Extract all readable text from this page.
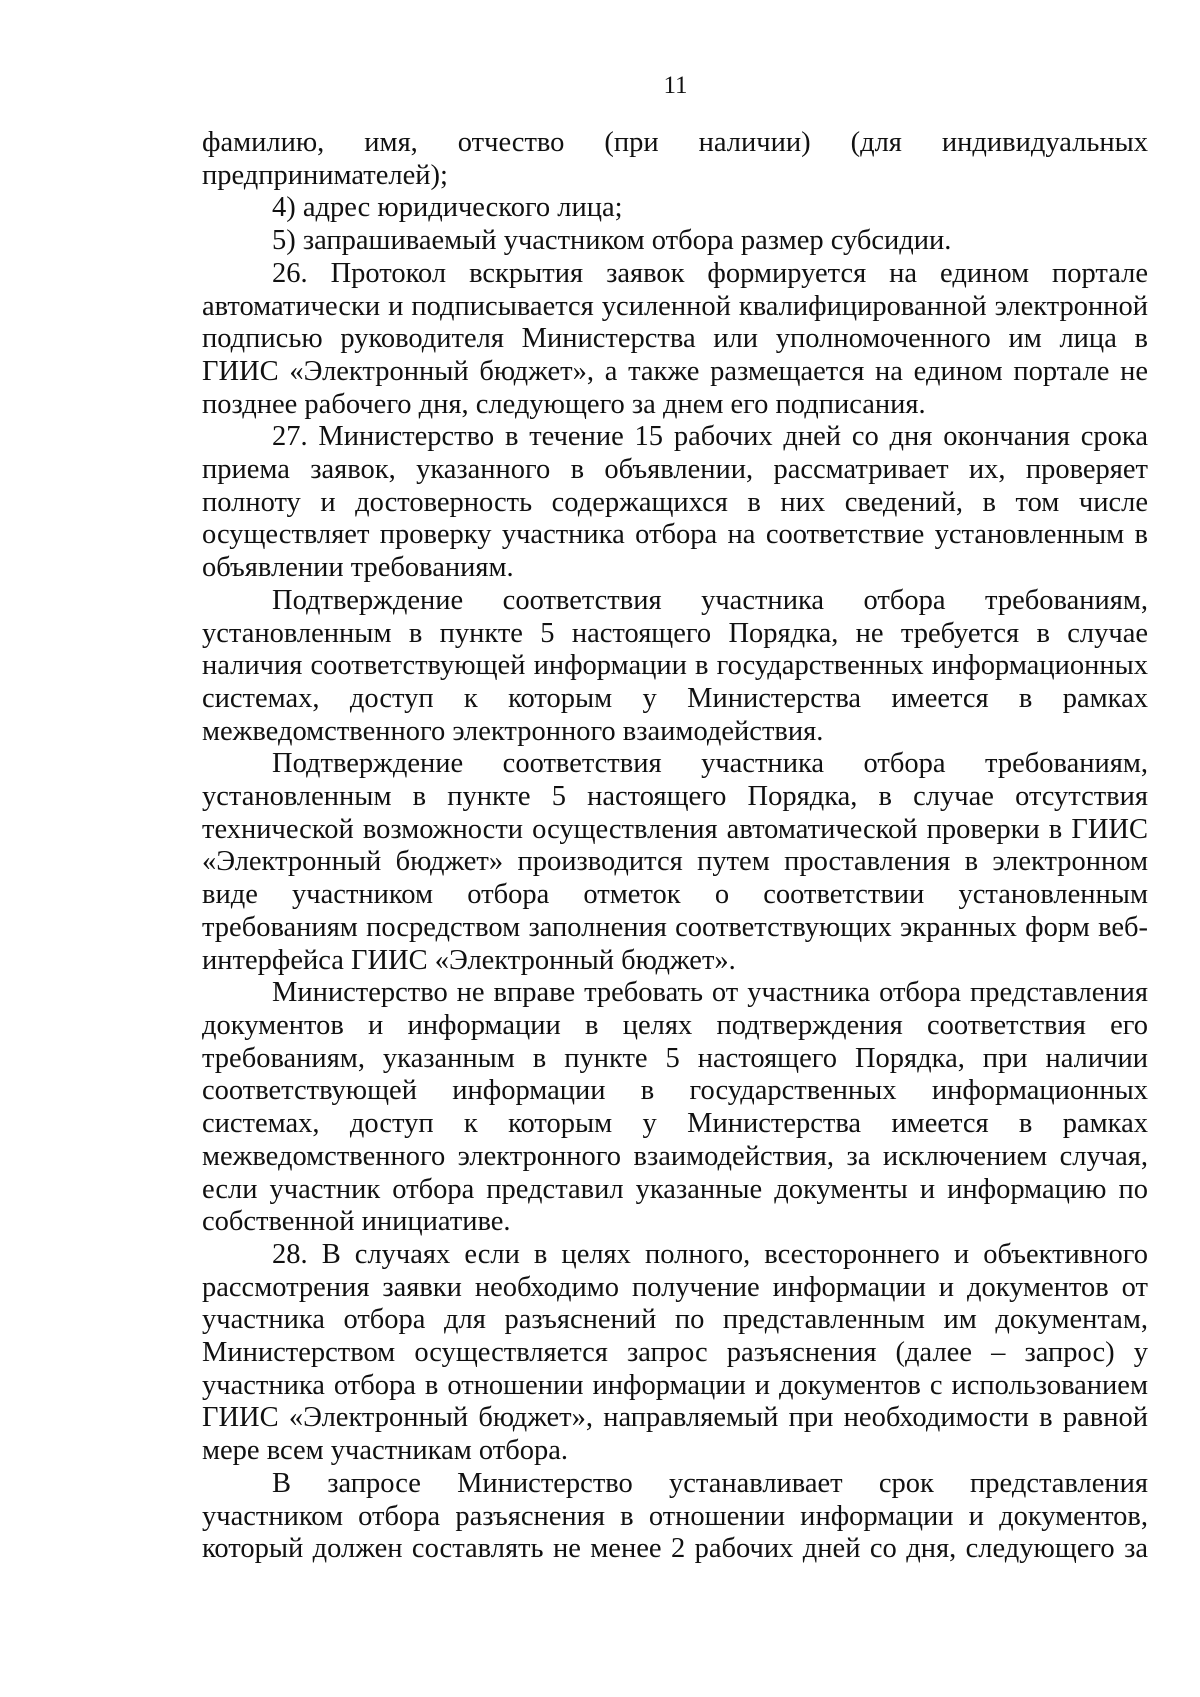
11

фамилию, имя, отчество (при наличии) (для индивидуальных предпринимателей);

4) адрес юридического лица;

5) запрашиваемый участником отбора размер субсидии.

26. Протокол вскрытия заявок формируется на едином портале автоматически и подписывается усиленной квалифицированной электронной подписью руководителя Министерства или уполномоченного им лица в ГИИС «Электронный бюджет», а также размещается на едином портале не позднее рабочего дня, следующего за днем его подписания.

27. Министерство в течение 15 рабочих дней со дня окончания срока приема заявок, указанного в объявлении, рассматривает их, проверяет полноту и достоверность содержащихся в них сведений, в том числе осуществляет проверку участника отбора на соответствие установленным в объявлении требованиям.

Подтверждение соответствия участника отбора требованиям, установленным в пункте 5 настоящего Порядка, не требуется в случае наличия соответствующей информации в государственных информационных системах, доступ к которым у Министерства имеется в рамках межведомственного электронного взаимодействия.

Подтверждение соответствия участника отбора требованиям, установленным в пункте 5 настоящего Порядка, в случае отсутствия технической возможности осуществления автоматической проверки в ГИИС «Электронный бюджет» производится путем проставления в электронном виде участником отбора отметок о соответствии установленным требованиям посредством заполнения соответствующих экранных форм веб-интерфейса ГИИС «Электронный бюджет».

Министерство не вправе требовать от участника отбора представления документов и информации в целях подтверждения соответствия его требованиям, указанным в пункте 5 настоящего Порядка, при наличии соответствующей информации в государственных информационных системах, доступ к которым у Министерства имеется в рамках межведомственного электронного взаимодействия, за исключением случая, если участник отбора представил указанные документы и информацию по собственной инициативе.

28. В случаях если в целях полного, всестороннего и объективного рассмотрения заявки необходимо получение информации и документов от участника отбора для разъяснений по представленным им документам, Министерством осуществляется запрос разъяснения (далее – запрос) у участника отбора в отношении информации и документов с использованием ГИИС «Электронный бюджет», направляемый при необходимости в равной мере всем участникам отбора.

В запросе Министерство устанавливает срок представления участником отбора разъяснения в отношении информации и документов, который должен составлять не менее 2 рабочих дней со дня, следующего за
